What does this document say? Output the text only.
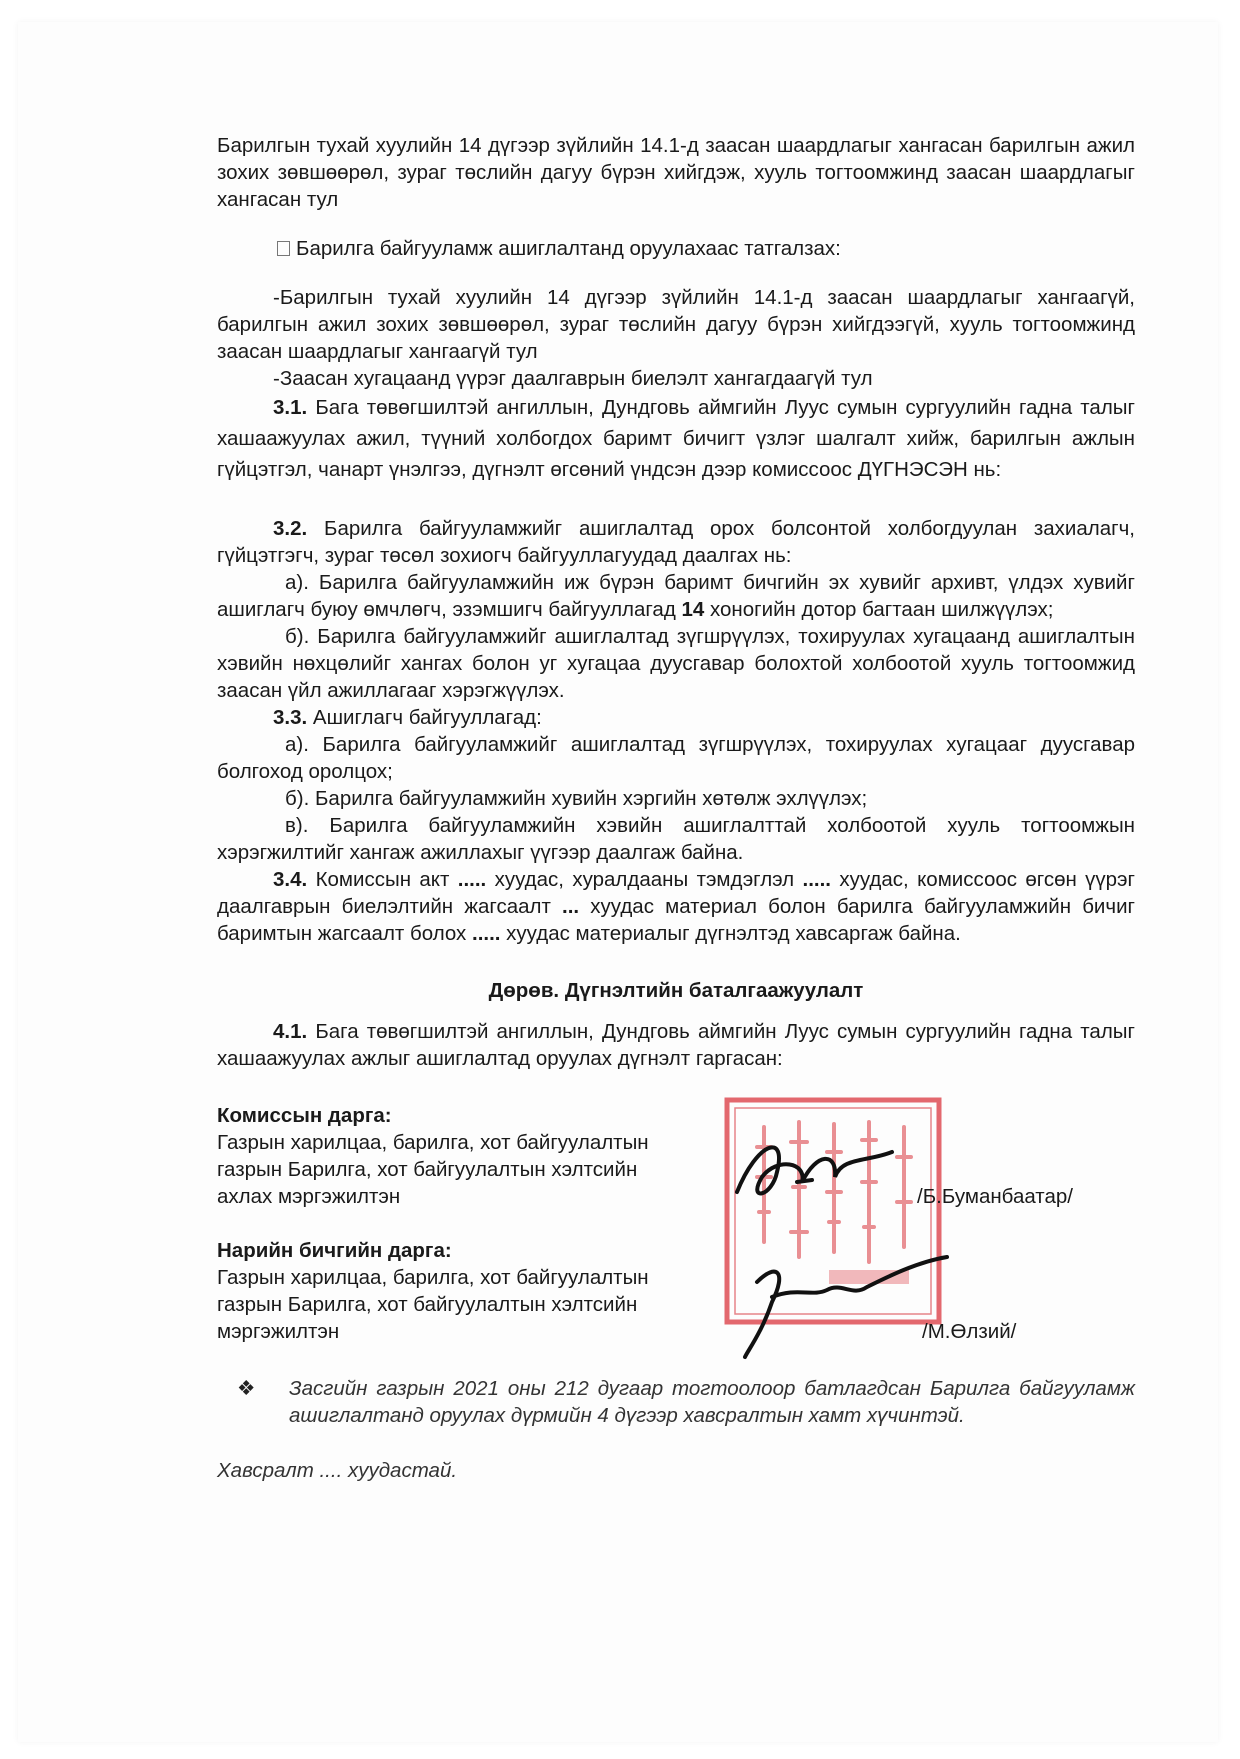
Барилгын тухай хуулийн 14 дүгээр зүйлийн 14.1-д заасан шаардлагыг хангасан барилгын ажил зохих зөвшөөрөл, зураг төслийн дагуу бүрэн хийгдэж, хууль тогтоомжинд заасан шаардлагыг хангасан тул

Барилга байгууламж ашиглалтанд оруулахаас татгалзах:

-Барилгын тухай хуулийн 14 дүгээр зүйлийн 14.1-д заасан шаардлагыг хангаагүй, барилгын ажил зохих зөвшөөрөл, зураг төслийн дагуу бүрэн хийгдээгүй, хууль тогтоомжинд заасан шаардлагыг хангаагүй тул

-Заасан хугацаанд үүрэг даалгаврын биелэлт хангагдаагүй тул

3.1. Бага төвөгшилтэй ангиллын, Дундговь аймгийн Луус сумын сургуулийн гадна талыг хашаажуулах ажил, түүний холбогдох баримт бичигт үзлэг шалгалт хийж, барилгын ажлын гүйцэтгэл, чанарт үнэлгээ, дүгнэлт өгсөний үндсэн дээр комиссоос ДҮГНЭСЭН нь:

3.2. Барилга байгууламжийг ашиглалтад орох болсонтой холбогдуулан захиалагч, гүйцэтгэгч, зураг төсөл зохиогч байгууллагуудад даалгах нь:

а). Барилга байгууламжийн иж бүрэн баримт бичгийн эх хувийг архивт, үлдэх хувийг ашиглагч буюу өмчлөгч, эзэмшигч байгууллагад 14 хоногийн дотор багтаан шилжүүлэх;

б). Барилга байгууламжийг ашиглалтад зүгшрүүлэх, тохируулах хугацаанд ашиглалтын хэвийн нөхцөлийг хангах болон уг хугацаа дуусгавар болохтой холбоотой хууль тогтоомжид заасан үйл ажиллагааг хэрэгжүүлэх.

3.3. Ашиглагч байгууллагад:

а). Барилга байгууламжийг ашиглалтад зүгшрүүлэх, тохируулах хугацааг дуусгавар болгоход оролцох;

б). Барилга байгууламжийн хувийн хэргийн хөтөлж эхлүүлэх;

в). Барилга байгууламжийн хэвийн ашиглалттай холбоотой хууль тогтоомжын хэрэгжилтийг хангаж ажиллахыг үүгээр даалгаж байна.

3.4. Комиссын акт ..... хуудас, хуралдааны тэмдэглэл ..... хуудас, комиссоос өгсөн үүрэг даалгаврын биелэлтийн жагсаалт ... хуудас материал болон барилга байгууламжийн бичиг баримтын жагсаалт болох ..... хуудас материалыг дүгнэлтэд хавсаргаж байна.

Дөрөв. Дүгнэлтийн баталгаажуулалт

4.1. Бага төвөгшилтэй ангиллын, Дундговь аймгийн Луус сумын сургуулийн гадна талыг хашаажуулах ажлыг ашиглалтад оруулах дүгнэлт гаргасан:

Комиссын дарга:
Газрын харилцаа, барилга, хот байгуулалтын
газрын Барилга, хот байгуулалтын хэлтсийн
ахлах мэргэжилтэн	/Б.Буманбаатар/
Нарийн бичгийн дарга:
Газрын харилцаа, барилга, хот байгуулалтын
газрын Барилга, хот байгуулалтын хэлтсийн
мэргэжилтэн	/М.Өлзий/

❖ Засгийн газрын 2021 оны 212 дугаар тогтоолоор батлагдсан Барилга байгууламж ашиглалтанд оруулах дүрмийн 4 дүгээр хавсралтын хамт хүчинтэй.

Хавсралт .... хуудастай.
